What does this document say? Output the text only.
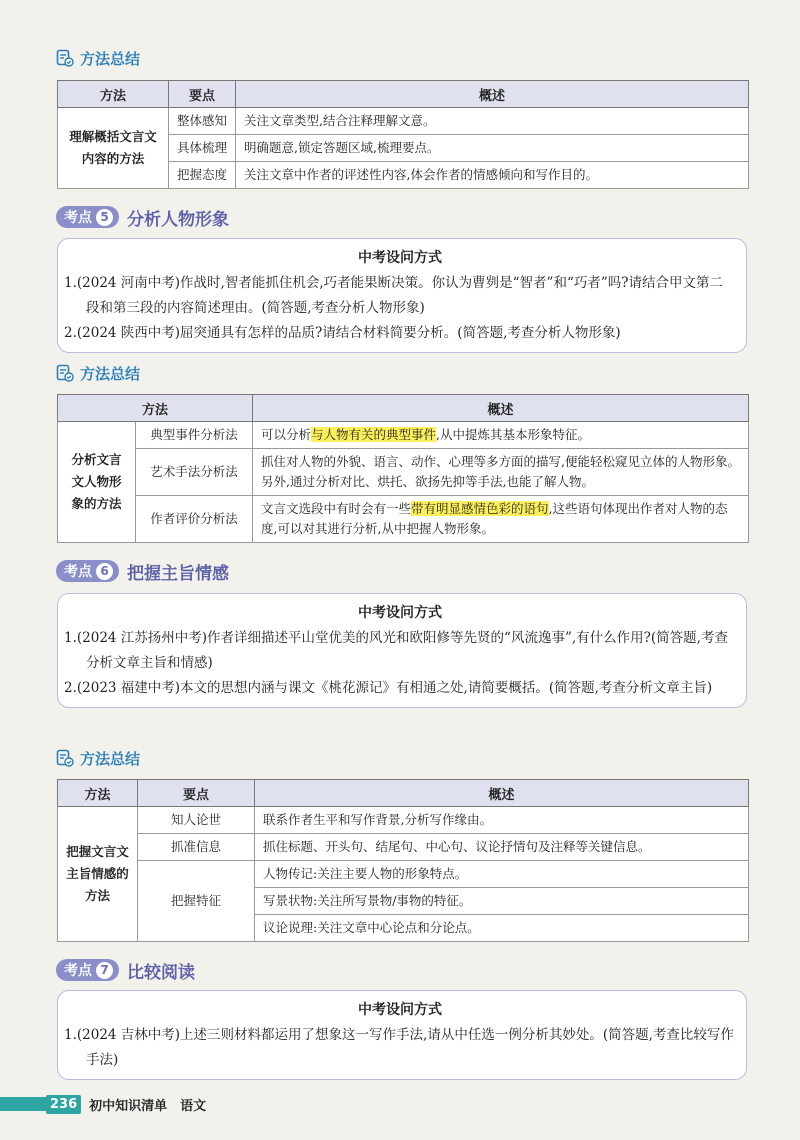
方法总结
方法	要点	概述
理解概括文言文内容的方法	整体感知	关注文章类型,结合注释理解文意。
	具体梳理	明确题意,锁定答题区域,梳理要点。
	把握态度	关注文章中作者的评述性内容,体会作者的情感倾向和写作目的。
考点 5 分析人物形象
中考设问方式
1.(2024 河南中考)作战时,智者能抓住机会,巧者能果断决策。你认为曹刿是“智者”和“巧者”吗?请结合甲文第二段和第三段的内容简述理由。(简答题,考查分析人物形象)
2.(2024 陕西中考)屈突通具有怎样的品质?请结合材料简要分析。(简答题,考查分析人物形象)
方法总结
方法		概述
分析文言文人物形象的方法	典型事件分析法	可以分析与人物有关的典型事件,从中提炼其基本形象特征。
	艺术手法分析法	抓住对人物的外貌、语言、动作、心理等多方面的描写,便能轻松窥见立体的人物形象。另外,通过分析对比、烘托、欲扬先抑等手法,也能了解人物。
	作者评价分析法	文言文选段中有时会有一些带有明显感情色彩的语句,这些语句体现出作者对人物的态度,可以对其进行分析,从中把握人物形象。
考点 6 把握主旨情感
中考设问方式
1.(2024 江苏扬州中考)作者详细描述平山堂优美的风光和欧阳修等先贤的“风流逸事”,有什么作用?(简答题,考查分析文章主旨和情感)
2.(2023 福建中考)本文的思想内涵与课文《桃花源记》有相通之处,请简要概括。(简答题,考查分析文章主旨)
方法总结
方法	要点	概述
把握文言文主旨情感的方法	知人论世	联系作者生平和写作背景,分析写作缘由。
	抓准信息	抓住标题、开头句、结尾句、中心句、议论抒情句及注释等关键信息。
	把握特征	人物传记:关注主要人物的形象特点。
		写景状物:关注所写景物/事物的特征。
		议论说理:关注文章中心论点和分论点。
考点 7 比较阅读
中考设问方式
1.(2024 吉林中考)上述三则材料都运用了想象这一写作手法,请从中任选一例分析其妙处。(简答题,考查比较写作手法)
236 初中知识清单　语文
